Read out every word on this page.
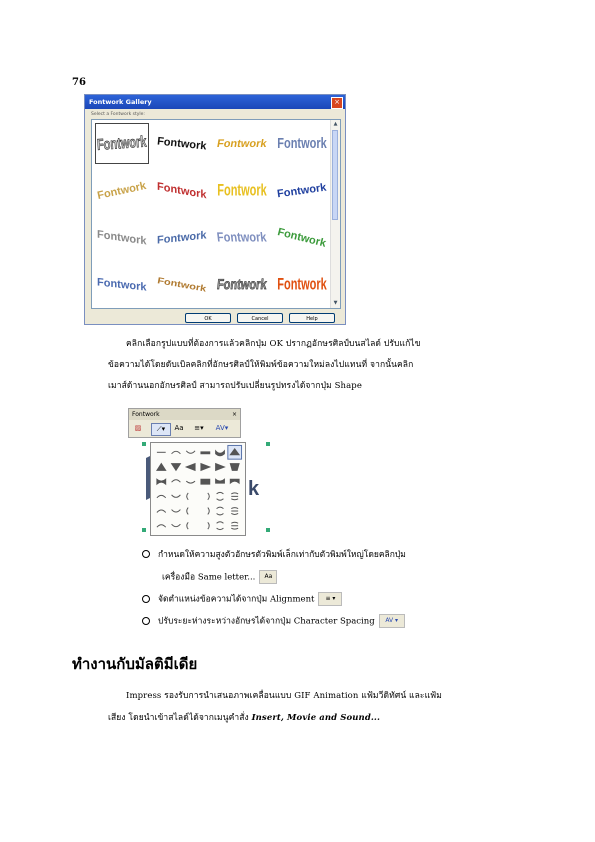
76
Fontwork Gallery	×
Select a Fontwork style:
Fontwork Fontwork Fontwork Fontwork
Fontwork Fontwork Fontwork Fontwork
Fontwork Fontwork Fontwork Fontwork
Fontwork Fontwork Fontwork Fontwork
▲
▼
OK	Cancel	Help
คลิกเลือกรูปแบบที่ต้องการแล้วคลิกปุ่ม OK ปรากฏอักษรศิลป์บนสไลด์ ปรับแก้ไข
ข้อความได้โดยดับเบิลคลิกที่อักษรศิลป์ให้พิมพ์ข้อความใหม่ลงไปแทนที่ จากนั้นคลิก
เมาส์ด้านนอกอักษรศิลป์ สามารถปรับเปลี่ยนรูปทรงได้จากปุ่ม Shape
Fontwork	×
▨	⟋▾	Aa	≡▾	AV▾
k
กำหนดให้ความสูงตัวอักษรตัวพิมพ์เล็กเท่ากับตัวพิมพ์ใหญ่โดยคลิกปุ่ม
เครื่องมือ Same letter... Aa
จัดตำแหน่งข้อความได้จากปุ่ม Alignment ≡ ▾
ปรับระยะห่างระหว่างอักษรได้จากปุ่ม Character Spacing AV ▾
ทำงานกับมัลติมีเดีย
Impress รองรับการนำเสนอภาพเคลื่อนแบบ GIF Animation แฟ้มวีดิทัศน์ และแฟ้ม
เสียง โดยนำเข้าสไลด์ได้จากเมนูคำสั่ง Insert, Movie and Sound...
